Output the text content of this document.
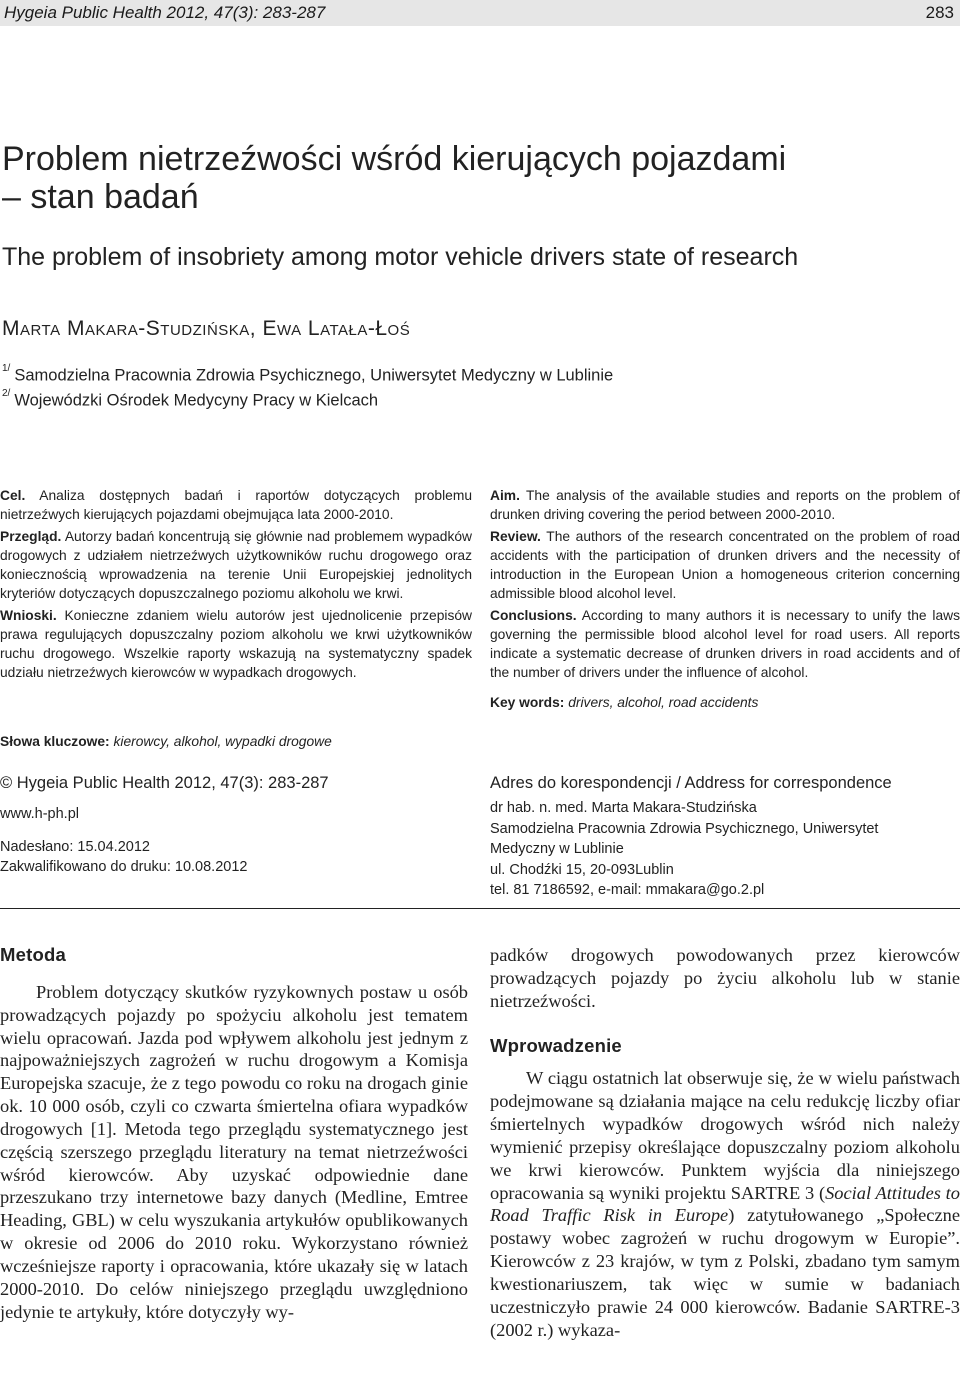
Hygeia Public Health 2012, 47(3): 283-287	283
Problem nietrzeźwości wśród kierujących pojazdami
– stan badań
The problem of insobriety among motor vehicle drivers state of research
Marta Makara-Studzińska, Ewa Latała-Łoś
$^{1/}$ Samodzielna Pracownia Zdrowia Psychicznego, Uniwersytet Medyczny w Lublinie
$^{2/}$ Wojewódzki Ośrodek Medycyny Pracy w Kielcach

Cel. Analiza dostępnych badań i raportów dotyczących problemu nietrzeźwych kierujących pojazdami obejmująca lata 2000-2010.

Przegląd. Autorzy badań koncentrują się głównie nad problemem wypadków drogowych z udziałem nietrzeźwych użytkowników ruchu drogowego oraz koniecznością wprowadzenia na terenie Unii Europejskiej jednolitych kryteriów dotyczących dopuszczalnego poziomu alkoholu we krwi.

Wnioski. Konieczne zdaniem wielu autorów jest ujednolicenie przepisów prawa regulujących dopuszczalny poziom alkoholu we krwi użytkowników ruchu drogowego. Wszelkie raporty wskazują na systematyczny spadek udziału nietrzeźwych kierowców w wypadkach drogowych.

Słowa kluczowe: kierowcy, alkohol, wypadki drogowe

Aim. The analysis of the available studies and reports on the problem of drunken driving covering the period between 2000-2010.

Review. The authors of the research concentrated on the problem of road accidents with the participation of drunken drivers and the necessity of introduction in the European Union a homogeneous criterion concerning admissible blood alcohol level.

Conclusions. According to many authors it is necessary to unify the laws governing the permissible blood alcohol level for road users. All reports indicate a systematic decrease of drunken drivers in road accidents and of the number of drivers under the influence of alcohol.

Key words: drivers, alcohol, road accidents
© Hygeia Public Health 2012, 47(3): 283-287
www.h-ph.pl
Nadesłano: 15.04.2012
Zakwalifikowano do druku: 10.08.2012
Adres do korespondencji / Address for correspondence
dr hab. n. med. Marta Makara-Studzińska
Samodzielna Pracownia Zdrowia Psychicznego, Uniwersytet
Medyczny w Lublinie
ul. Chodźki 15, 20-093Lublin
tel. 81 7186592, e-mail: mmakara@go.2.pl
Metoda

Problem dotyczący skutków ryzykownych postaw u osób prowadzących pojazdy po spożyciu alkoholu jest tematem wielu opracowań. Jazda pod wpływem alkoholu jest jednym z najpoważniejszych zagrożeń w ruchu drogowym a Komisja Europejska szacuje, że z tego powodu co roku na drogach ginie ok. 10 000 osób, czyli co czwarta śmiertelna ofiara wypadków drogowych [1]. Metoda tego przeglądu systematycznego jest częścią szerszego przeglądu literatury na temat nietrzeźwości wśród kierowców. Aby uzyskać odpowiednie dane przeszukano trzy internetowe bazy danych (Medline, Emtree Heading, GBL) w celu wyszukania artykułów opublikowanych w okresie od 2006 do 2010 roku. Wykorzystano również wcześniejsze raporty i opracowania, które ukazały się w latach 2000-2010. Do celów niniejszego przeglądu uwzględniono jedynie te artykuły, które dotyczyły wy-

padków drogowych powodowanych przez kierowców prowadzących pojazdy po życiu alkoholu lub w stanie nietrzeźwości.

Wprowadzenie

W ciągu ostatnich lat obserwuje się, że w wielu państwach podejmowane są działania mające na celu redukcję liczby ofiar śmiertelnych wypadków drogowych wśród nich należy wymienić przepisy określające dopuszczalny poziom alkoholu we krwi kierowców. Punktem wyjścia dla niniejszego opracowania są wyniki projektu SARTRE 3 (Social Attitudes to Road Traffic Risk in Europe) zatytułowanego „Społeczne postawy wobec zagrożeń w ruchu drogowym w Europie”. Kierowców z 23 krajów, w tym z Polski, zbadano tym samym kwestionariuszem, tak więc w sumie w badaniach uczestniczyło prawie 24 000 kierowców. Badanie SARTRE-3 (2002 r.) wykaza-
